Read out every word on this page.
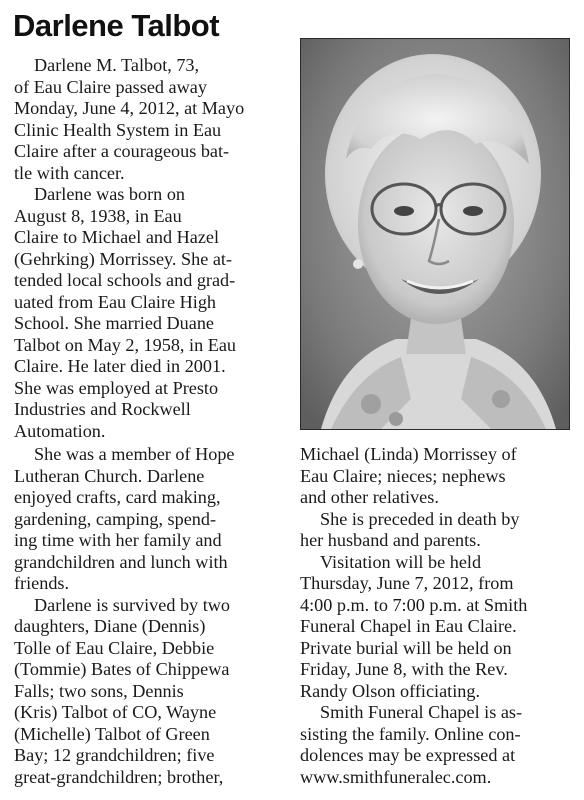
Darlene Talbot
Darlene M. Talbot, 73,
of Eau Claire passed away
Monday, June 4, 2012, at Mayo
Clinic Health System in Eau
Claire after a courageous bat-
tle with cancer.
Darlene was born on
August 8, 1938, in Eau
Claire to Michael and Hazel
(Gehrking) Morrissey. She at-
tended local schools and grad-
uated from Eau Claire High
School. She married Duane
Talbot on May 2, 1958, in Eau
Claire. He later died in 2001.
She was employed at Presto
Industries and Rockwell
Automation.
She was a member of Hope
Lutheran Church. Darlene
enjoyed crafts, card making,
gardening, camping, spend-
ing time with her family and
grandchildren and lunch with
friends.
Darlene is survived by two
daughters, Diane (Dennis)
Tolle of Eau Claire, Debbie
(Tommie) Bates of Chippewa
Falls; two sons, Dennis
(Kris) Talbot of CO, Wayne
(Michelle) Talbot of Green
Bay; 12 grandchildren; five
great-grandchildren; brother,
Michael (Linda) Morrissey of
Eau Claire; nieces; nephews
and other relatives.
She is preceded in death by
her husband and parents.
Visitation will be held
Thursday, June 7, 2012, from
4:00 p.m. to 7:00 p.m. at Smith
Funeral Chapel in Eau Claire.
Private burial will be held on
Friday, June 8, with the Rev.
Randy Olson officiating.
Smith Funeral Chapel is as-
sisting the family. Online con-
dolences may be expressed at
www.smithfuneralec.com.
